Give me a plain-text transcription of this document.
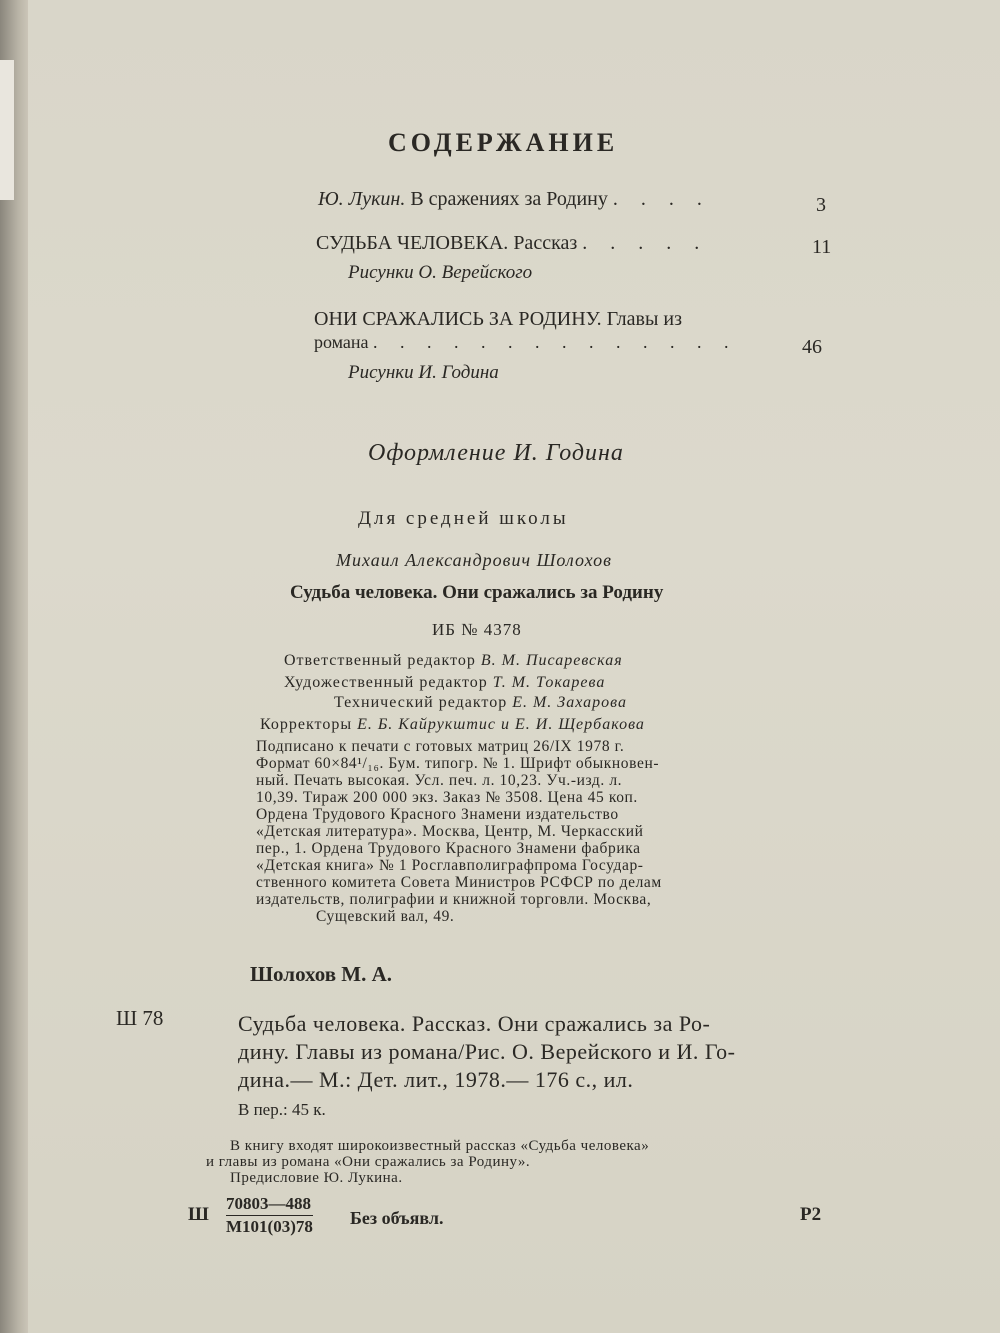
СОДЕРЖАНИЕ
Ю. Лукин. В сражениях за Родину . . . .	3
СУДЬБА ЧЕЛОВЕКА. Рассказ . . . . .	11
Рисунки О. Верейского
ОНИ СРАЖАЛИСЬ ЗА РОДИНУ. Главы из
романа . . . . . . . . . . . . . .	46
Рисунки И. Година
Оформление И. Година
Для средней школы
Михаил Александрович Шолохов
Судьба человека. Они сражались за Родину
ИБ № 4378
Ответственный редактор В. М. Писаревская
Художественный редактор Т. М. Токарева
Технический редактор Е. М. Захарова
Корректоры Е. Б. Кайрукштис и Е. И. Щербакова

Подписано к печати с готовых матриц 26/IX 1978 г.

Формат 60×84¹/₁₆. Бум. типогр. № 1. Шрифт обыкновен-

ный. Печать высокая. Усл. печ. л. 10,23. Уч.-изд. л.

10,39. Тираж 200 000 экз. Заказ № 3508. Цена 45 коп.

Ордена Трудового Красного Знамени издательство

«Детская литература». Москва, Центр, М. Черкасский

пер., 1. Ордена Трудового Красного Знамени фабрика

«Детская книга» № 1 Росглавполиграфпрома Государ-

ственного комитета Совета Министров РСФСР по делам

издательств, полиграфии и книжной торговли. Москва,

Сущевский вал, 49.

Шолохов М. А.
Ш 78	Судьба человека. Рассказ. Они сражались за Ро-

дину. Главы из романа/Рис. О. Верейского и И. Го-

дина.— М.: Дет. лит., 1978.— 176 с., ил.

В пер.: 45 к.

В книгу входят широкоизвестный рассказ «Судьба человека»

и главы из романа «Они сражались за Родину».

Предисловие Ю. Лукина.

Ш
70803—488
М101(03)78 Без объявл.	Р2
